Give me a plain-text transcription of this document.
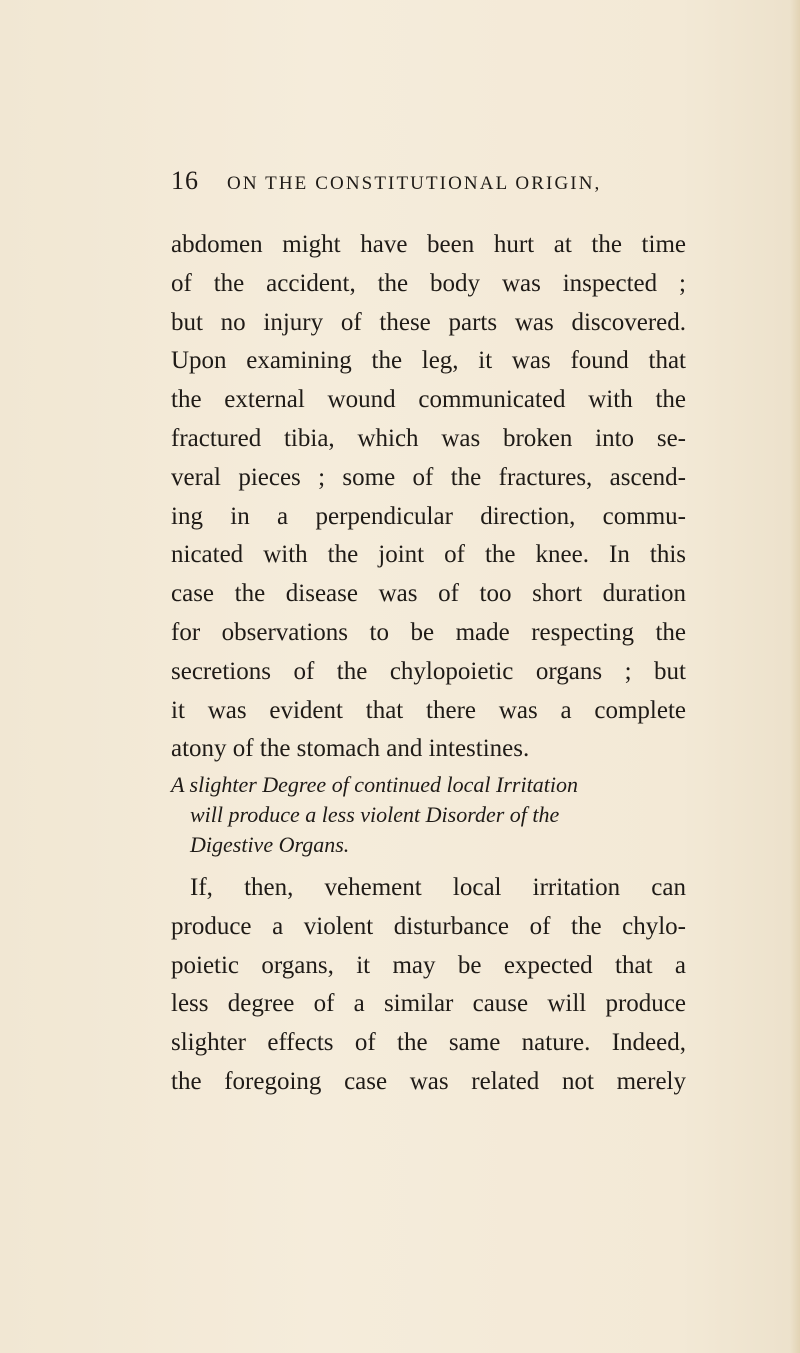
16 ON THE CONSTITUTIONAL ORIGIN,
abdomen might have been hurt at the time
of the accident, the body was inspected ;
but no injury of these parts was discovered.
Upon examining the leg, it was found that
the external wound communicated with the
fractured tibia, which was broken into se-
veral pieces ; some of the fractures, ascend-
ing in a perpendicular direction, commu-
nicated with the joint of the knee. In this
case the disease was of too short duration
for observations to be made respecting the
secretions of the chylopoietic organs ; but
it was evident that there was a complete
atony of the stomach and intestines.
A slighter Degree of continued local Irritation
will produce a less violent Disorder of the
Digestive Organs.
If, then, vehement local irritation can
produce a violent disturbance of the chylo-
poietic organs, it may be expected that a
less degree of a similar cause will produce
slighter effects of the same nature. Indeed,
the foregoing case was related not merely
